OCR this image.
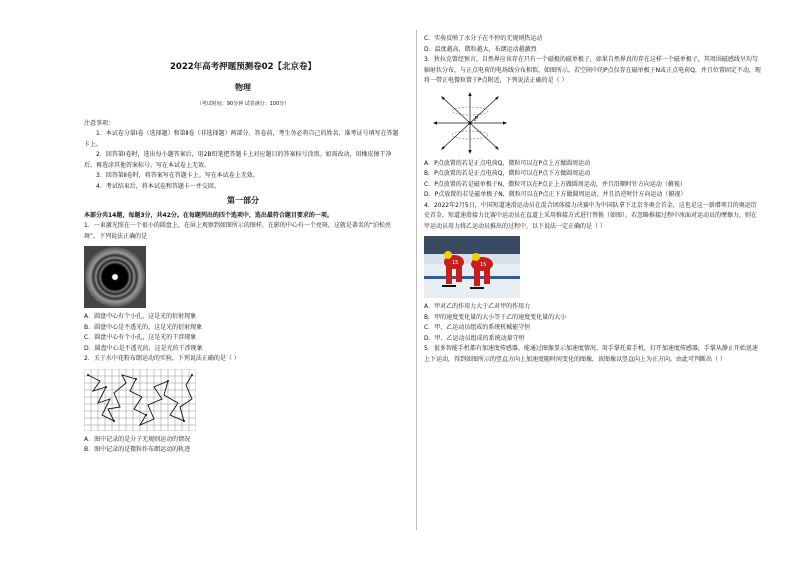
2022年高考押题预测卷02【北京卷】
物理
（考试时间：90分钟 试卷满分：100分）

注意事项：

1．本试卷分第Ⅰ卷（选择题）和第Ⅱ卷（非选择题）两部分。答卷前，考生务必将自己的姓名、准考证号填写在答题卡上。

2．回答第Ⅰ卷时，选出每小题答案后，用2B铅笔把答题卡上对应题目的答案标号涂黑。如需改动，用橡皮擦干净后，再选涂其他答案标号。写在本试卷上无效。

3．回答第Ⅱ卷时，将答案写在答题卡上。写在本试卷上无效。

4．考试结束后，将本试卷和答题卡一并交回。

第一部分

本部分共14题，每题3分，共42分。在每题列出的四个选项中，选出最符合题目要求的一项。

1．一束激光照在一个很小的圆盘上，在屏上观察到如图所示的图样，在影的中心有一个亮斑，这就是著名的“泊松亮斑”。下列说法正确的是

A．圆盘中心有个小孔，这是光的衍射现象

B．圆盘中心是不透光的，这是光的衍射现象

C．圆盘中心有个小孔，这是光的干涉现象

D．圆盘中心是不透光的，这是光的干涉现象

2．关于水中花粉布朗运动的实验，下列说法正确的是（ ）

A．图中记录的是分子无规则运动的情况

B．图中记录的是微粒作布朗运动的轨迹

C．实验反映了水分子在不停的无规则热运动

D．温度越高，微粒越大，布朗运动越激烈

3．狄拉克曾经预言，自然界应该存在只有一个磁极的磁单极子，如果自然界真的存在这样一个磁单极子，其周围磁感线呈均匀辐射状分布，与正点电荷的电场线分布相似，如图所示。若空间中的P点仅存在磁单极子N或正点电荷Q，并且位置固定不动，现将一带正电微粒置于P点附近，下列说法正确的是（ ）

P

A．P点放置的若是正点电荷Q，微粒可以在P点上方做圆周运动

B．P点放置的若是正点电荷Q，微粒可以在P点下方做圆周运动

C．P点放置的若是磁单极子N，微粒可以在P点正上方做圆周运动，并且沿顺时针方向运动（俯视）

D．P点放置的若是磁单极子N，微粒可以在P点正下方做圆周运动，并且沿逆时针方向运动（俯视）

4．2022年2月5日，中国短道速滑运动员在混合团体接力决赛中为中国队拿下北京冬奥会首金，这也是这一新增项目的奥运历史首金。短道速滑接力比赛中运动员在直道上采用推接方式进行替换（如图）。若忽略推接过程中冰面对运动员的摩擦力，则在甲运动员用力将乙运动员推出的过程中，以下说法一定正确的是（ ）

15	15

A．甲对乙的作用力大于乙对甲的作用力

B．甲的速度变化量的大小等于乙的速度变化量的大小

C．甲、乙运动员组成的系统机械能守恒

D．甲、乙运动员组成的系统动量守恒

5．很多智能手机都有加速度传感器，能通过图像显示加速度情况。用手掌托着手机，打开加速度传感器，手掌从静止开始迅速上下运动，得到如图所示的竖直方向上加速度随时间变化的图像，该图像以竖直向上为正方向。由此可判断出（ ）
